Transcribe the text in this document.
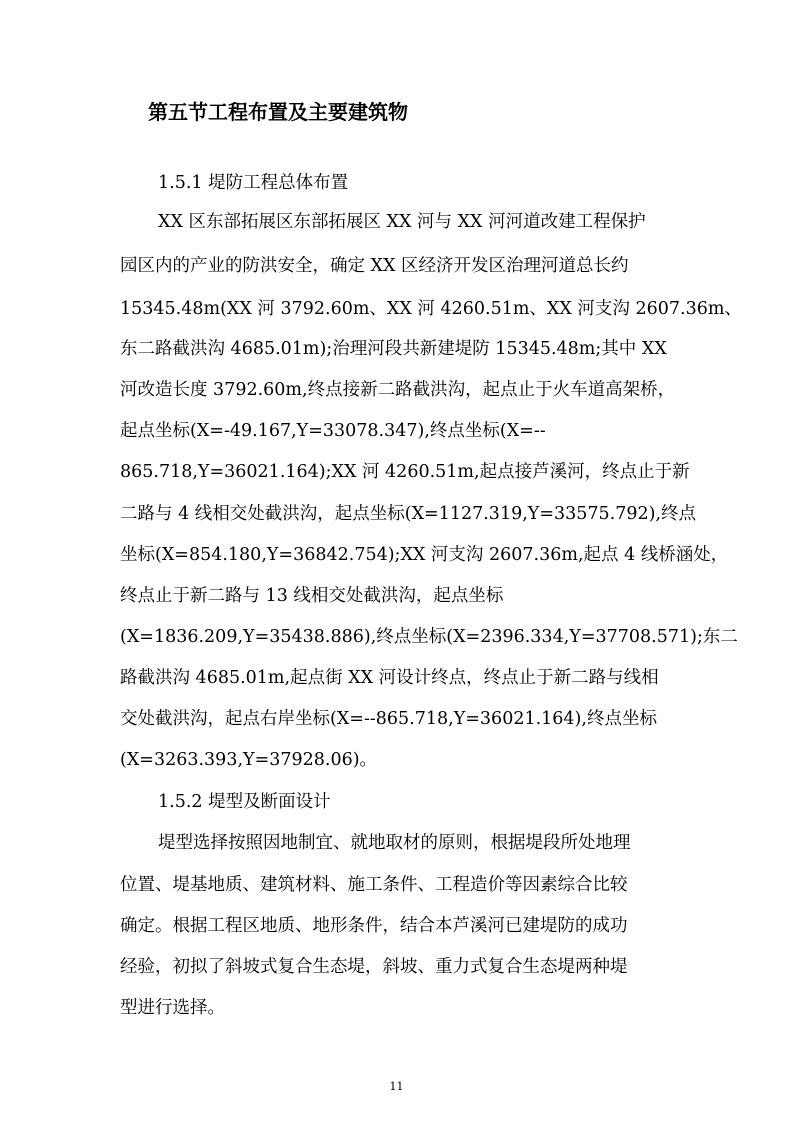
第五节工程布置及主要建筑物
1.5.1 堤防工程总体布置
XX 区东部拓展区东部拓展区 XX 河与 XX 河河道改建工程保护
园区内的产业的防洪安全，确定 XX 区经济开发区治理河道总长约
15345.48m(XX 河 3792.60m、XX 河 4260.51m、XX 河支沟 2607.36m、
东二路截洪沟 4685.01m);治理河段共新建堤防 15345.48m;其中 XX
河改造长度 3792.60m,终点接新二路截洪沟，起点止于火车道高架桥，
起点坐标(X=-49.167,Y=33078.347),终点坐标(X=--
865.718,Y=36021.164);XX 河 4260.51m,起点接芦溪河，终点止于新
二路与 4 线相交处截洪沟，起点坐标(X=1127.319,Y=33575.792),终点
坐标(X=854.180,Y=36842.754);XX 河支沟 2607.36m,起点 4 线桥涵处，
终点止于新二路与 13 线相交处截洪沟，起点坐标
(X=1836.209,Y=35438.886),终点坐标(X=2396.334,Y=37708.571);东二
路截洪沟 4685.01m,起点街 XX 河设计终点，终点止于新二路与线相
交处截洪沟，起点右岸坐标(X=--865.718,Y=36021.164),终点坐标
(X=3263.393,Y=37928.06)。
1.5.2 堤型及断面设计
堤型选择按照因地制宜、就地取材的原则，根据堤段所处地理
位置、堤基地质、建筑材料、施工条件、工程造价等因素综合比较
确定。根据工程区地质、地形条件，结合本芦溪河已建堤防的成功
经验，初拟了斜坡式复合生态堤，斜坡、重力式复合生态堤两种堤
型进行选择。
11
